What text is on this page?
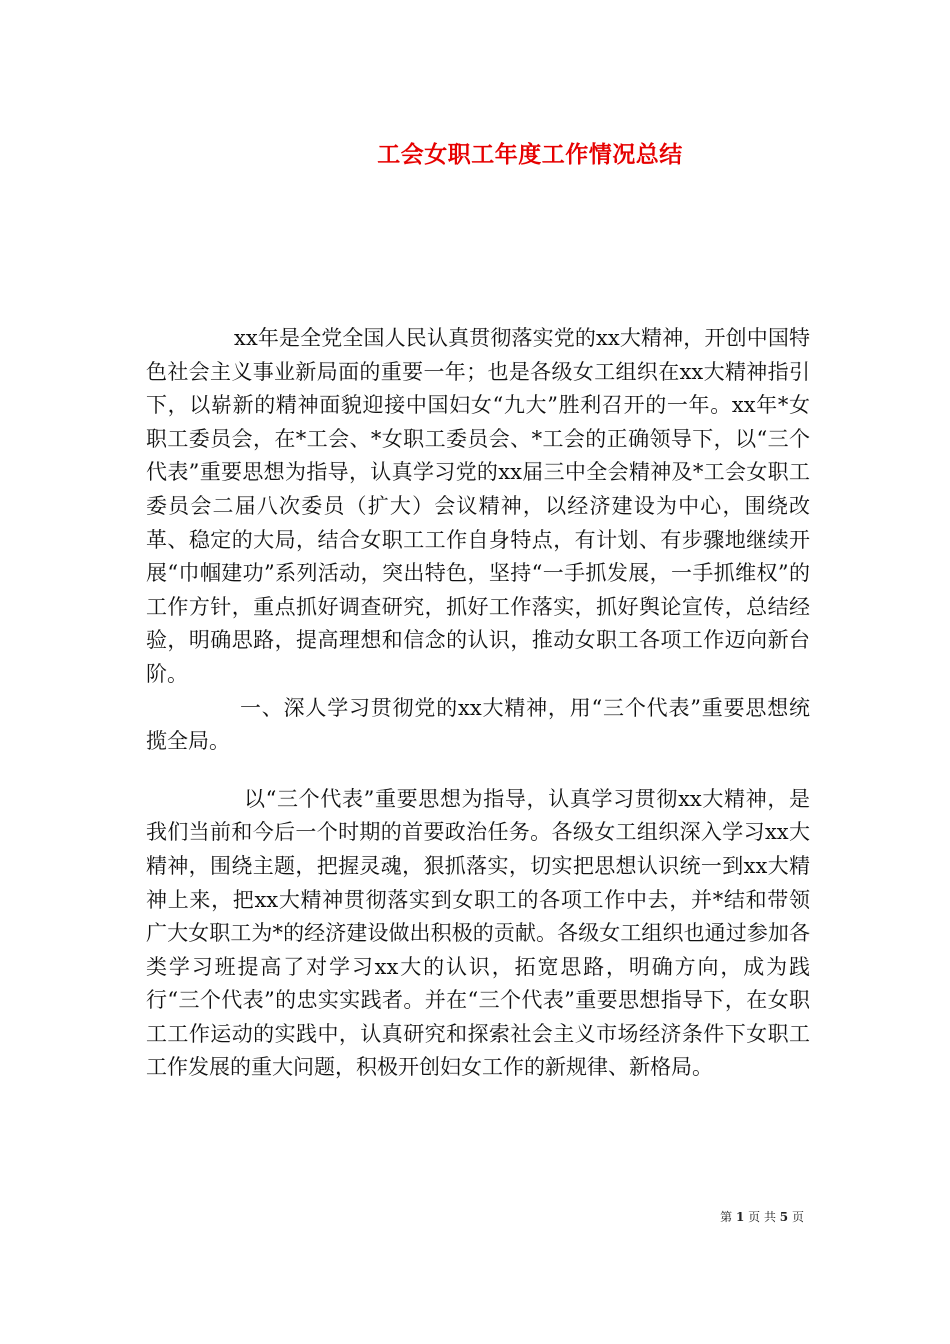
工会女职工年度工作情况总结

xx年是全党全国人民认真贯彻落实党的xx大精神，开创中国特色社会主义事业新局面的重要一年；也是各级女工组织在xx大精神指引下，以崭新的精神面貌迎接中国妇女“九大”胜利召开的一年。xx年*女职工委员会，在*工会、*女职工委员会、*工会的正确领导下，以“三个代表”重要思想为指导，认真学习党的xx届三中全会精神及*工会女职工委员会二届八次委员（扩大）会议精神，以经济建设为中心，围绕改革、稳定的大局，结合女职工工作自身特点，有计划、有步骤地继续开展“巾帼建功”系列活动，突出特色，坚持“一手抓发展，一手抓维权”的工作方针，重点抓好调查研究，抓好工作落实，抓好舆论宣传，总结经验，明确思路，提高理想和信念的认识，推动女职工各项工作迈向新台阶。

一、深人学习贯彻党的xx大精神，用“三个代表”重要思想统揽全局。

以“三个代表”重要思想为指导，认真学习贯彻xx大精神，是我们当前和今后一个时期的首要政治任务。各级女工组织深入学习xx大精神，围绕主题，把握灵魂，狠抓落实，切实把思想认识统一到xx大精神上来，把xx大精神贯彻落实到女职工的各项工作中去，并*结和带领广大女职工为*的经济建设做出积极的贡献。各级女工组织也通过参加各类学习班提高了对学习xx大的认识，拓宽思路，明确方向，成为践行“三个代表”的忠实实践者。并在“三个代表”重要思想指导下，在女职工工作运动的实践中，认真研究和探索社会主义市场经济条件下女职工工作发展的重大问题，积极开创妇女工作的新规律、新格局。

第 1 页 共 5 页
